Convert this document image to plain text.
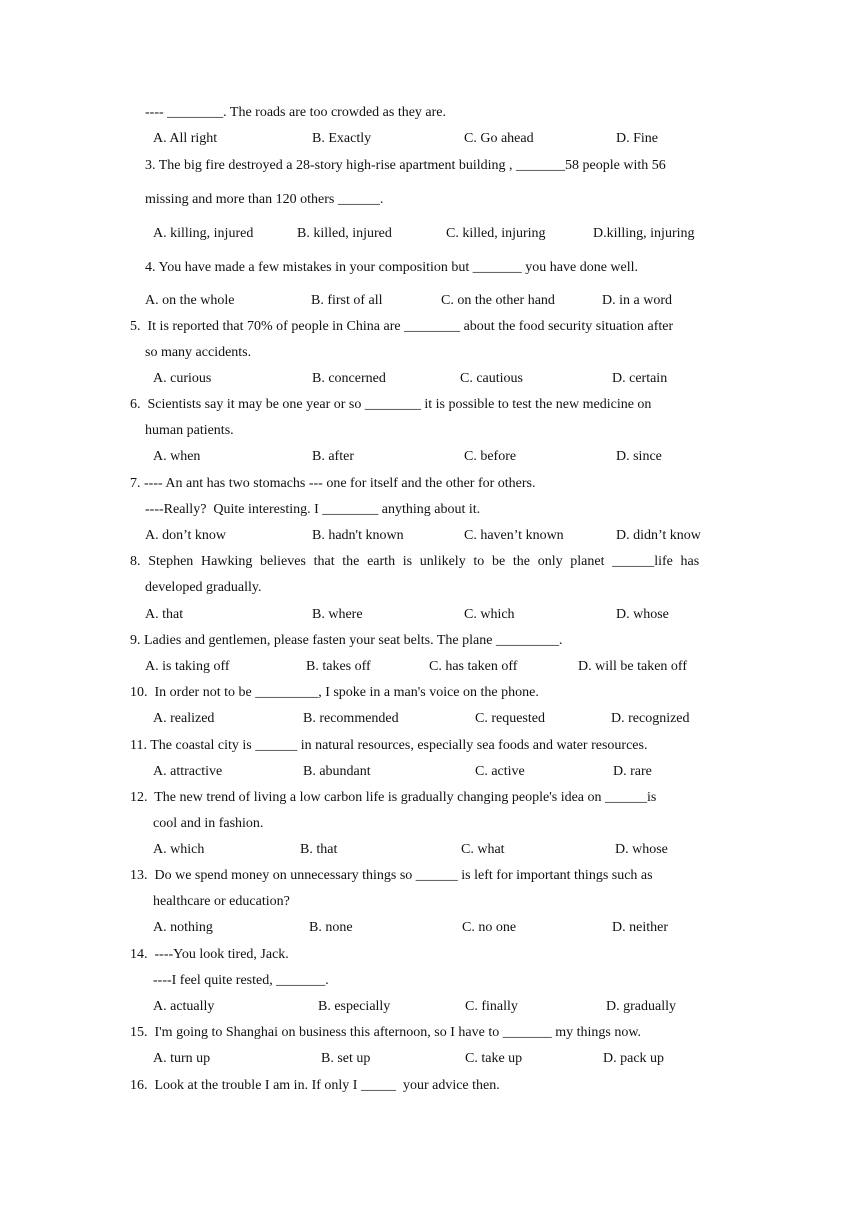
---- ________. The roads are too crowded as they are.
A. All right	B. Exactly	C. Go ahead	D. Fine
3. The big fire destroyed a 28-story high-rise apartment building , _______58 people with 56
missing and more than 120 others ______.
A. killing, injured	B. killed, injured	C. killed, injuring	D.killing, injuring
4. You have made a few mistakes in your composition but _______ you have done well.
A. on the whole	B. first of all	C. on the other hand	D. in a word
5.  It is reported that 70% of people in China are ________ about the food security situation after
so many accidents.
A. curious	B. concerned	C. cautious	D. certain
6.  Scientists say it may be one year or so ________ it is possible to test the new medicine on
human patients.
A. when	B. after	C. before	D. since
7. ---- An ant has two stomachs --- one for itself and the other for others.
----Really?  Quite interesting. I ________ anything about it.
A. don’t know	B. hadn't known	C. haven’t known	D. didn’t know
8. Stephen Hawking believes that the earth is unlikely to be the only planet ______life has
developed gradually.
A. that	B. where	C. which	D. whose
9. Ladies and gentlemen, please fasten your seat belts. The plane _________.
A. is taking off	B. takes off	C. has taken off	D. will be taken off
10.  In order not to be _________, I spoke in a man's voice on the phone.
A. realized	B. recommended	C. requested	D. recognized
11. The coastal city is ______ in natural resources, especially sea foods and water resources.
A. attractive	B. abundant	C. active	D. rare
12.  The new trend of living a low carbon life is gradually changing people's idea on ______is
cool and in fashion.
A. which	B. that	C. what	D. whose
13.  Do we spend money on unnecessary things so ______ is left for important things such as
healthcare or education?
A. nothing	B. none	C. no one	D. neither
14.  ----You look tired, Jack.
----I feel quite rested, _______.
A. actually	B. especially	C. finally	D. gradually
15.  I'm going to Shanghai on business this afternoon, so I have to _______ my things now.
A. turn up	B. set up	C. take up	D. pack up
16.  Look at the trouble I am in. If only I _____  your advice then.
